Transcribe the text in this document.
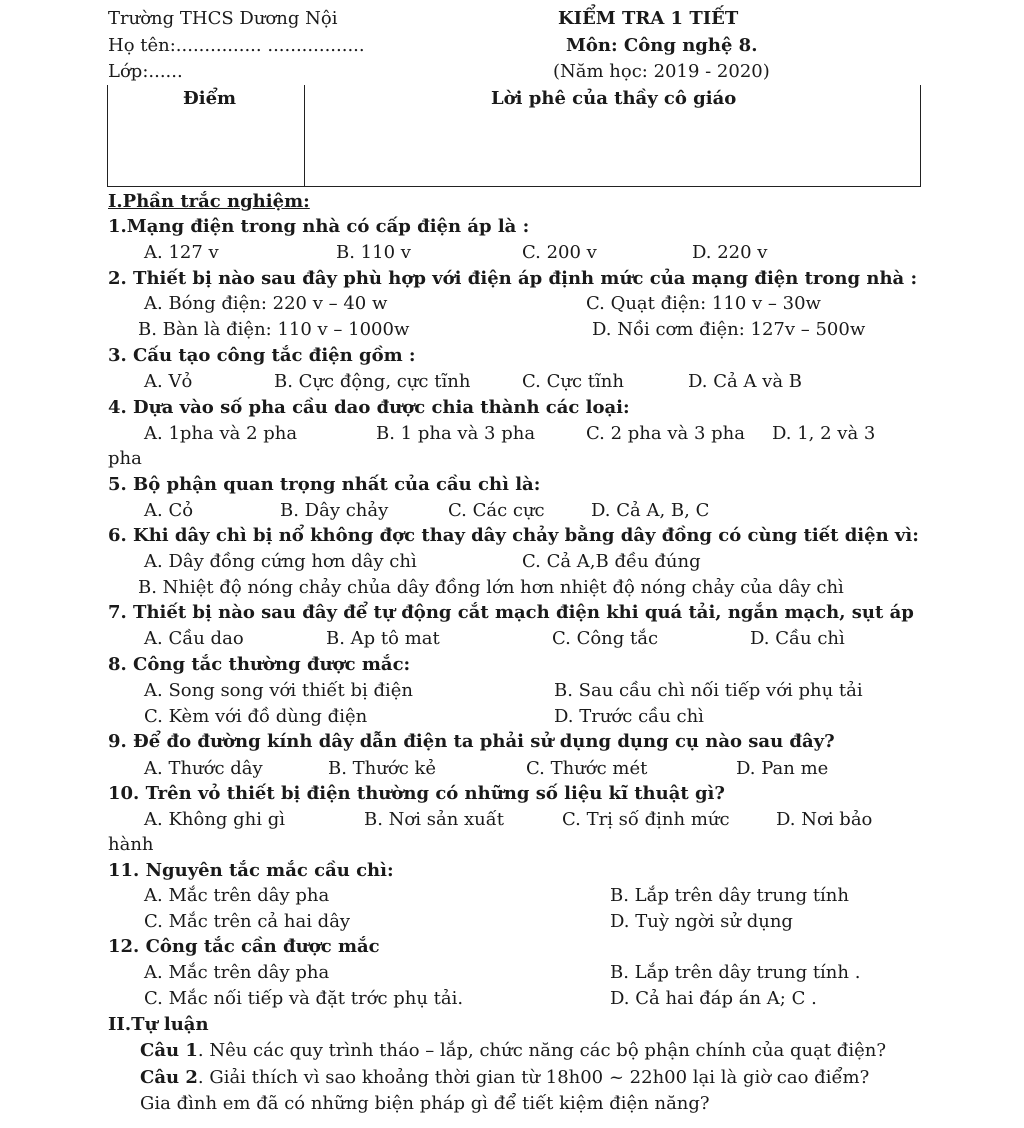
Trường THCS Dương Nội	KIỂM TRA 1 TIẾT
Họ tên:............... .................	Môn: Công nghệ 8.
Lớp:......	(Năm học: 2019 - 2020)
Điểm	Lời phê của thầy cô giáo
I.Phần trắc nghiệm:
1.Mạng điện trong nhà có cấp điện áp là :
A. 127 v	B. 110 v	C. 200 v	D. 220 v
2. Thiết bị nào sau đây phù hợp với điện áp định mức của mạng điện trong nhà :
A. Bóng điện: 220 v – 40 w	C. Quạt điện: 110 v – 30w
B. Bàn là điện: 110 v – 1000w	D. Nồi cơm điện: 127v – 500w
3. Cấu tạo công tắc điện gồm :
A. Vỏ	B. Cực động, cực tĩnh	C. Cực tĩnh	D. Cả A và B
4. Dựa vào số pha cầu dao được chia thành các loại:
A. 1pha và 2 pha	B. 1 pha và 3 pha	C. 2 pha và 3 pha D. 1, 2 và 3
pha
5. Bộ phận quan trọng nhất của cầu chì là:
A. Cỏ	B. Dây chảy	C. Các cực	D. Cả A, B, C
6. Khi dây chì bị nổ không đợc thay dây chảy bằng dây đồng có cùng tiết diện vì:
A. Dây đồng cứng hơn dây chì	C. Cả A,B đều đúng
B. Nhiệt độ nóng chảy chủa dây đồng lớn hơn nhiệt độ nóng chảy của dây chì
7. Thiết bị nào sau đây để tự động cắt mạch điện khi quá tải, ngắn mạch, sụt áp
A. Cầu dao	B. Ap tô mat	C. Công tắc	D. Cầu chì
8. Công tắc thường được mắc:
A. Song song với thiết bị điện	B. Sau cầu chì nối tiếp với phụ tải
C. Kèm với đồ dùng điện	D. Trước cầu chì
9. Để đo đường kính dây dẫn điện ta phải sử dụng dụng cụ nào sau đây?
A. Thước dây	B. Thước kẻ	C. Thước mét	D. Pan me
10. Trên vỏ thiết bị điện thường có những số liệu kĩ thuật gì?
A. Không ghi gì	B. Nơi sản xuất	C. Trị số định mức	D. Nơi bảo
hành
11. Nguyên tắc mắc cầu chì:
A. Mắc trên dây pha	B. Lắp trên dây trung tính
C. Mắc trên cả hai dây	D. Tuỳ ngời sử dụng
12. Công tắc cần được mắc
A. Mắc trên dây pha	B. Lắp trên dây trung tính .
C. Mắc nối tiếp và đặt trớc phụ tải.	D. Cả hai đáp án A; C .
II.Tự luận
Câu 1. Nêu các quy trình tháo – lắp, chức năng các bộ phận chính của quạt điện?
Câu 2. Giải thích vì sao khoảng thời gian từ 18h00 ~ 22h00 lại là giờ cao điểm?
Gia đình em đã có những biện pháp gì để tiết kiệm điện năng?
